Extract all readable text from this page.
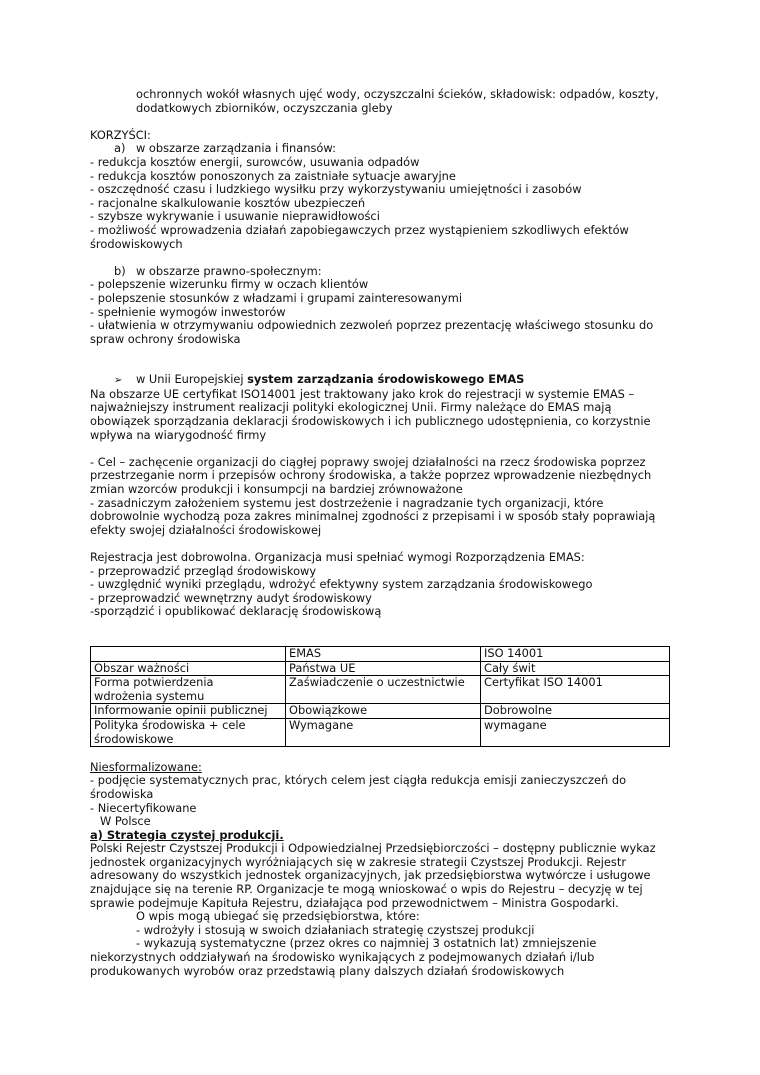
ochronnych wokół własnych ujęć wody, oczyszczalni ścieków, składowisk: odpadów, koszty,

dodatkowych zbiorników, oczyszczania gleby

KORZYŚCI:

a) w obszarze zarządzania i finansów:

- redukcja kosztów energii, surowców, usuwania odpadów

- redukcja kosztów ponoszonych za zaistniałe sytuacje awaryjne

- oszczędność czasu i ludzkiego wysiłku przy wykorzystywaniu umiejętności i zasobów

- racjonalne skalkulowanie kosztów ubezpieczeń

- szybsze wykrywanie i usuwanie nieprawidłowości

- możliwość wprowadzenia działań zapobiegawczych przez wystąpieniem szkodliwych efektów

środowiskowych

b) w obszarze prawno-społecznym:

- polepszenie wizerunku firmy w oczach klientów

- polepszenie stosunków z władzami i grupami zainteresowanymi

- spełnienie wymogów inwestorów

- ułatwienia w otrzymywaniu odpowiednich zezwoleń poprzez prezentację właściwego stosunku do

spraw ochrony środowiska

➢ w Unii Europejskiej system zarządzania środowiskowego EMAS

Na obszarze UE certyfikat ISO14001 jest traktowany jako krok do rejestracji w systemie EMAS –

najważniejszy instrument realizacji polityki ekologicznej Unii. Firmy należące do EMAS mają

obowiązek sporządzania deklaracji środowiskowych i ich publicznego udostępnienia, co korzystnie

wpływa na wiarygodność firmy

- Cel – zachęcenie organizacji do ciągłej poprawy swojej działalności na rzecz środowiska poprzez

przestrzeganie norm i przepisów ochrony środowiska, a także poprzez wprowadzenie niezbędnych

zmian wzorców produkcji i konsumpcji na bardziej zrównoważone

- zasadniczym założeniem systemu jest dostrzeżenie i nagradzanie tych organizacji, które

dobrowolnie wychodzą poza zakres minimalnej zgodności z przepisami i w sposób stały poprawiają

efekty swojej działalności środowiskowej

Rejestracja jest dobrowolna. Organizacja musi spełniać wymogi Rozporządzenia EMAS:

- przeprowadzić przegląd środowiskowy

- uwzględnić wyniki przeglądu, wdrożyć efektywny system zarządzania środowiskowego

- przeprowadzić wewnętrzny audyt środowiskowy

-sporządzić i opublikować deklarację środowiskową

	EMAS	ISO 14001
Obszar ważności	Państwa UE	Cały świt
Forma potwierdzenia
wdrożenia systemu	Zaświadczenie o uczestnictwie	Certyfikat ISO 14001
Informowanie opinii publicznej	Obowiązkowe	Dobrowolne
Polityka środowiska + cele
środowiskowe	Wymagane	wymagane

Niesformalizowane:

- podjęcie systematycznych prac, których celem jest ciągła redukcja emisji zanieczyszczeń do

środowiska

- Niecertyfikowane

W Polsce

a) Strategia czystej produkcji.

Polski Rejestr Czystszej Produkcji i Odpowiedzialnej Przedsiębiorczości – dostępny publicznie wykaz

jednostek organizacyjnych wyróżniających się w zakresie strategii Czystszej Produkcji. Rejestr

adresowany do wszystkich jednostek organizacyjnych, jak przedsiębiorstwa wytwórcze i usługowe

znajdujące się na terenie RP. Organizacje te mogą wnioskować o wpis do Rejestru – decyzję w tej

sprawie podejmuje Kapituła Rejestru, działająca pod przewodnictwem – Ministra Gospodarki.

O wpis mogą ubiegać się przedsiębiorstwa, które:

- wdrożyły i stosują w swoich działaniach strategię czystszej produkcji

- wykazują systematyczne (przez okres co najmniej 3 ostatnich lat) zmniejszenie

niekorzystnych oddziaływań na środowisko wynikających z podejmowanych działań i/lub

produkowanych wyrobów oraz przedstawią plany dalszych działań środowiskowych
